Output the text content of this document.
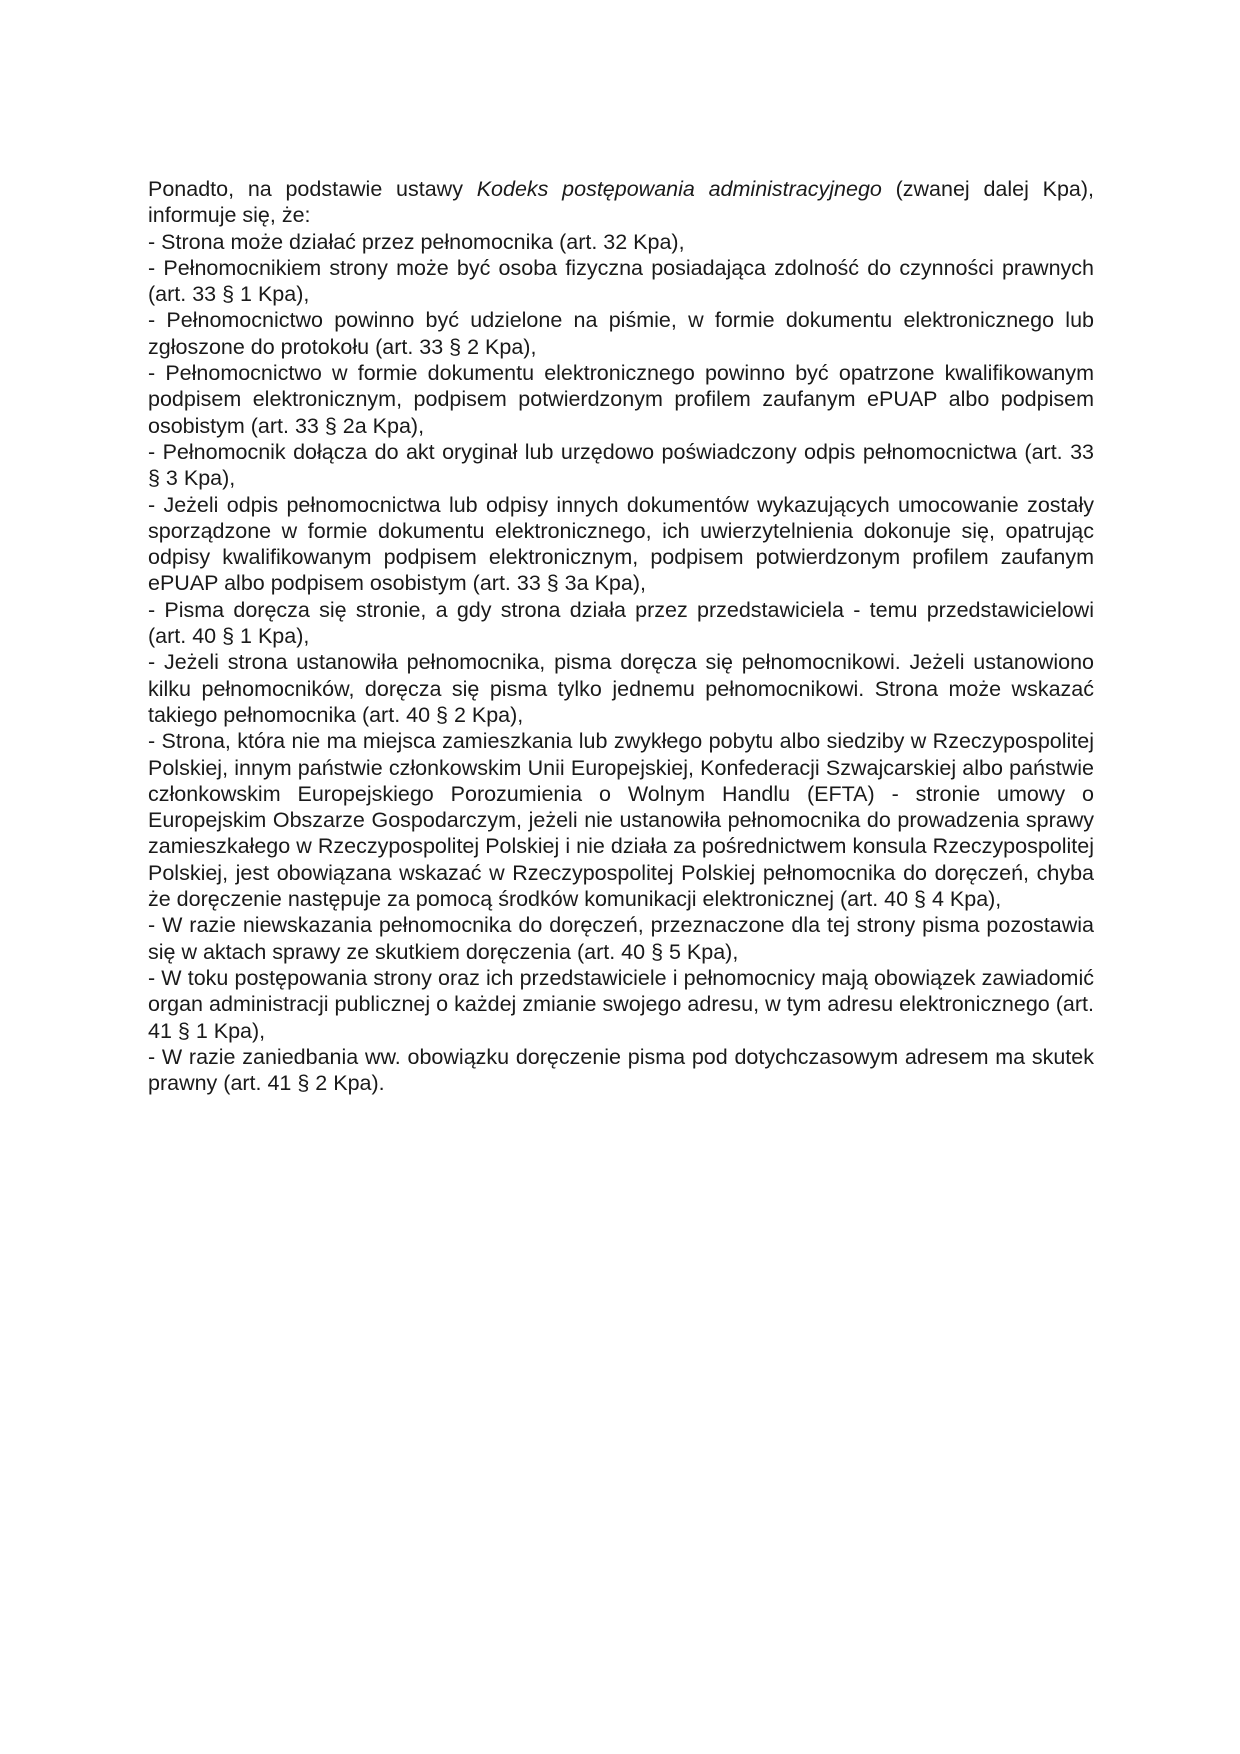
Ponadto, na podstawie ustawy Kodeks postępowania administracyjnego (zwanej dalej Kpa), informuje się, że:

- Strona może działać przez pełnomocnika (art. 32 Kpa),

- Pełnomocnikiem strony może być osoba fizyczna posiadająca zdolność do czynności prawnych (art. 33 § 1 Kpa),

- Pełnomocnictwo powinno być udzielone na piśmie, w formie dokumentu elektronicznego lub zgłoszone do protokołu (art. 33 § 2 Kpa),

- Pełnomocnictwo w formie dokumentu elektronicznego powinno być opatrzone kwalifikowanym podpisem elektronicznym, podpisem potwierdzonym profilem zaufanym ePUAP albo podpisem osobistym (art. 33 § 2a Kpa),

- Pełnomocnik dołącza do akt oryginał lub urzędowo poświadczony odpis pełnomocnictwa (art. 33 § 3 Kpa),

- Jeżeli odpis pełnomocnictwa lub odpisy innych dokumentów wykazujących umocowanie zostały sporządzone w formie dokumentu elektronicznego, ich uwierzytelnienia dokonuje się, opatrując odpisy kwalifikowanym podpisem elektronicznym, podpisem potwierdzonym profilem zaufanym ePUAP albo podpisem osobistym (art. 33 § 3a Kpa),

- Pisma doręcza się stronie, a gdy strona działa przez przedstawiciela - temu przedstawicielowi (art. 40 § 1 Kpa),

- Jeżeli strona ustanowiła pełnomocnika, pisma doręcza się pełnomocnikowi. Jeżeli ustanowiono kilku pełnomocników, doręcza się pisma tylko jednemu pełnomocnikowi. Strona może wskazać takiego pełnomocnika (art. 40 § 2 Kpa),

- Strona, która nie ma miejsca zamieszkania lub zwykłego pobytu albo siedziby w Rzeczypospolitej Polskiej, innym państwie członkowskim Unii Europejskiej, Konfederacji Szwajcarskiej albo państwie członkowskim Europejskiego Porozumienia o Wolnym Handlu (EFTA) - stronie umowy o Europejskim Obszarze Gospodarczym, jeżeli nie ustanowiła pełnomocnika do prowadzenia sprawy zamieszkałego w Rzeczypospolitej Polskiej i nie działa za pośrednictwem konsula Rzeczypospolitej Polskiej, jest obowiązana wskazać w Rzeczypospolitej Polskiej pełnomocnika do doręczeń, chyba że doręczenie następuje za pomocą środków komunikacji elektronicznej (art. 40 § 4 Kpa),

- W razie niewskazania pełnomocnika do doręczeń, przeznaczone dla tej strony pisma pozostawia się w aktach sprawy ze skutkiem doręczenia (art. 40 § 5 Kpa),

- W toku postępowania strony oraz ich przedstawiciele i pełnomocnicy mają obowiązek zawiadomić organ administracji publicznej o każdej zmianie swojego adresu, w tym adresu elektronicznego (art. 41 § 1 Kpa),

- W razie zaniedbania ww. obowiązku doręczenie pisma pod dotychczasowym adresem ma skutek prawny (art. 41 § 2 Kpa).
